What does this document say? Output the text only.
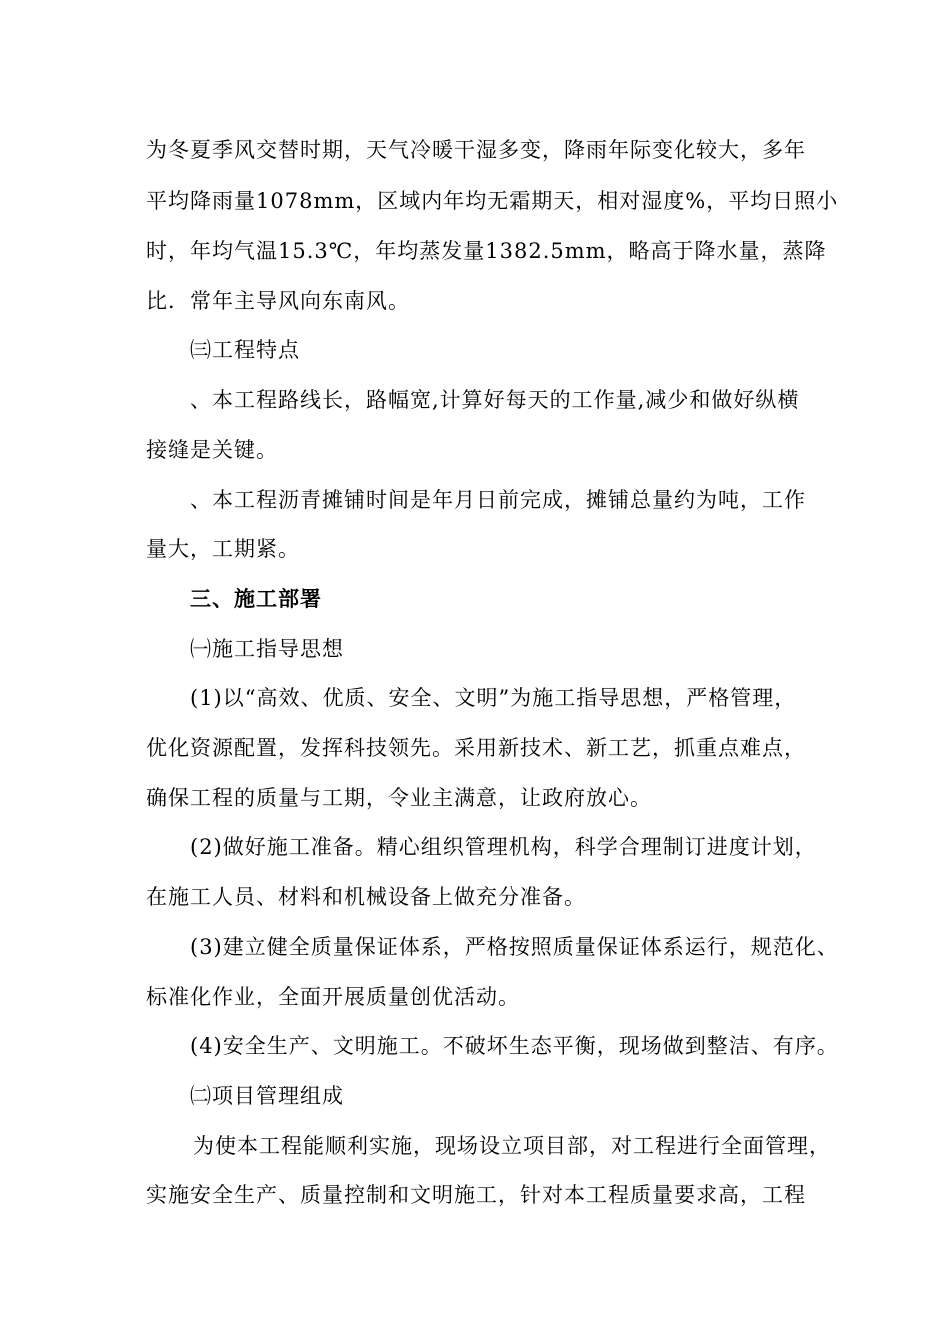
为冬夏季风交替时期，天气冷暖干湿多变，降雨年际变化较大，多年
平均降雨量1078mm，区域内年均无霜期天，相对湿度%，平均日照小
时，年均气温15.3℃，年均蒸发量1382.5mm，略高于降水量，蒸降
比．常年主导风向东南风。
㈢工程特点
、本工程路线长，路幅宽,计算好每天的工作量,减少和做好纵横
接缝是关键。
、本工程沥青摊铺时间是年月日前完成，摊铺总量约为吨，工作
量大，工期紧。
三、施工部署
㈠施工指导思想
(1)以“高效、优质、安全、文明”为施工指导思想，严格管理，
优化资源配置，发挥科技领先。采用新技术、新工艺，抓重点难点，
确保工程的质量与工期，令业主满意，让政府放心。
(2)做好施工准备。精心组织管理机构，科学合理制订进度计划，
在施工人员、材料和机械设备上做充分准备。
(3)建立健全质量保证体系，严格按照质量保证体系运行，规范化、
标准化作业，全面开展质量创优活动。
(4)安全生产、文明施工。不破坏生态平衡，现场做到整洁、有序。
㈡项目管理组成
为使本工程能顺利实施，现场设立项目部，对工程进行全面管理，
实施安全生产、质量控制和文明施工，针对本工程质量要求高，工程
